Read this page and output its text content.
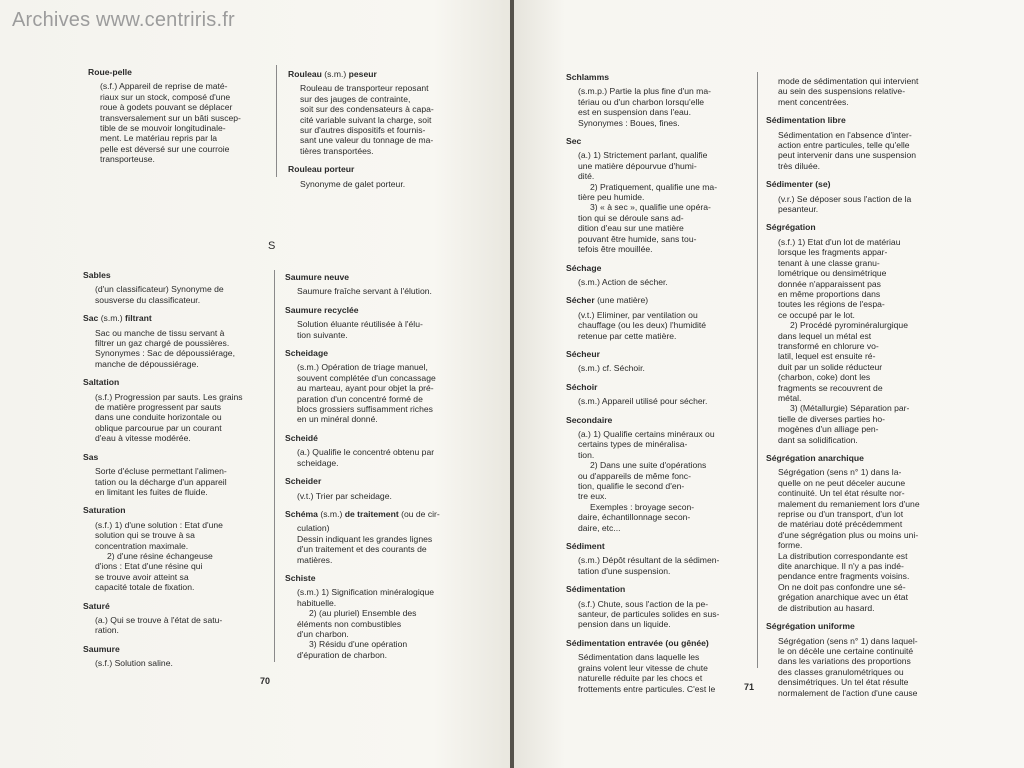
Archives www.centriris.fr
Roue-pelle
(s.f.) Appareil de reprise de maté-
riaux sur un stock, composé d'une
roue à godets pouvant se déplacer
transversalement sur un bâti suscep-
tible de se mouvoir longitudinale-
ment. Le matériau repris par la
pelle est déversé sur une courroie
transporteuse.
Rouleau (s.m.) peseur
Rouleau de transporteur reposant
sur des jauges de contrainte,
soit sur des condensateurs à capa-
cité variable suivant la charge, soit
sur d'autres dispositifs et fournis-
sant une valeur du tonnage de ma-
tières transportées.
Rouleau porteur
Synonyme de galet porteur.
S
Sables
(d'un classificateur) Synonyme de
sousverse du classificateur.
Sac (s.m.) filtrant
Sac ou manche de tissu servant à
filtrer un gaz chargé de poussières.
Synonymes : Sac de dépoussiérage,
manche de dépoussiérage.
Saltation
(s.f.) Progression par sauts. Les grains
de matière progressent par sauts
dans une conduite horizontale ou
oblique parcourue par un courant
d'eau à vitesse modérée.
Sas
Sorte d'écluse permettant l'alimen-
tation ou la décharge d'un appareil
en limitant les fuites de fluide.
Saturation
(s.f.) 1) d'une solution : Etat d'une
solution qui se trouve à sa
concentration maximale.
2) d'une résine échangeuse
d'ions : Etat d'une résine qui
se trouve avoir atteint sa
capacité totale de fixation.
Saturé
(a.) Qui se trouve à l'état de satu-
ration.
Saumure
(s.f.) Solution saline.
Saumure neuve
Saumure fraîche servant à l'élution.
Saumure recyclée
Solution éluante réutilisée à l'élu-
tion suivante.
Scheidage
(s.m.) Opération de triage manuel,
souvent complétée d'un concassage
au marteau, ayant pour objet la pré-
paration d'un concentré formé de
blocs grossiers suffisamment riches
en un minéral donné.
Scheidé
(a.) Qualifie le concentré obtenu par
scheidage.
Scheider
(v.t.) Trier par scheidage.
Schéma (s.m.) de traitement (ou de cir-
culation)
Dessin indiquant les grandes lignes
d'un traitement et des courants de
matières.
Schiste
(s.m.) 1) Signification minéralogique
habituelle.
2) (au pluriel) Ensemble des
éléments non combustibles
d'un charbon.
3) Résidu d'une opération
d'épuration de charbon.
70
Schlamms
(s.m.p.) Partie la plus fine d'un ma-
tériau ou d'un charbon lorsqu'elle
est en suspension dans l'eau.
Synonymes : Boues, fines.
Sec
(a.) 1) Strictement parlant, qualifie
une matière dépourvue d'humi-
dité.
2) Pratiquement, qualifie une ma-
tière peu humide.
3) « à sec », qualifie une opéra-
tion qui se déroule sans ad-
dition d'eau sur une matière
pouvant être humide, sans tou-
tefois être mouillée.
Séchage
(s.m.) Action de sécher.
Sécher (une matière)
(v.t.) Eliminer, par ventilation ou
chauffage (ou les deux) l'humidité
retenue par cette matière.
Sécheur
(s.m.) cf. Séchoir.
Séchoir
(s.m.) Appareil utilisé pour sécher.
Secondaire
(a.) 1) Qualifie certains minéraux ou
certains types de minéralisa-
tion.
2) Dans une suite d'opérations
ou d'appareils de même fonc-
tion, qualifie le second d'en-
tre eux.
Exemples : broyage secon-
daire, échantillonnage secon-
daire, etc...
Sédiment
(s.m.) Dépôt résultant de la sédimen-
tation d'une suspension.
Sédimentation
(s.f.) Chute, sous l'action de la pe-
santeur, de particules solides en sus-
pension dans un liquide.
Sédimentation entravée (ou gênée)
Sédimentation dans laquelle les
grains volent leur vitesse de chute
naturelle réduite par les chocs et
frottements entre particules. C'est le
mode de sédimentation qui intervient
au sein des suspensions relative-
ment concentrées.
Sédimentation libre
Sédimentation en l'absence d'inter-
action entre particules, telle qu'elle
peut intervenir dans une suspension
très diluée.
Sédimenter (se)
(v.r.) Se déposer sous l'action de la
pesanteur.
Ségrégation
(s.f.) 1) Etat d'un lot de matériau
lorsque les fragments appar-
tenant à une classe granu-
lométrique ou densimétrique
donnée n'apparaissent pas
en même proportions dans
toutes les régions de l'espa-
ce occupé par le lot.
2) Procédé pyrominéralurgique
dans lequel un métal est
transformé en chlorure vo-
latil, lequel est ensuite ré-
duit par un solide réducteur
(charbon, coke) dont les
fragments se recouvrent de
métal.
3) (Métallurgie) Séparation par-
tielle de diverses parties ho-
mogènes d'un alliage pen-
dant sa solidification.
Ségrégation anarchique
Ségrégation (sens n° 1) dans la-
quelle on ne peut déceler aucune
continuité. Un tel état résulte nor-
malement du remaniement lors d'une
reprise ou d'un transport, d'un lot
de matériau doté précédemment
d'une ségrégation plus ou moins uni-
forme.
La distribution correspondante est
dite anarchique. Il n'y a pas indé-
pendance entre fragments voisins.
On ne doit pas confondre une sé-
grégation anarchique avec un état
de distribution au hasard.
Ségrégation uniforme
Ségrégation (sens n° 1) dans laquel-
le on décèle une certaine continuité
dans les variations des proportions
des classes granulométriques ou
densimétriques. Un tel état résulte
normalement de l'action d'une cause
71
